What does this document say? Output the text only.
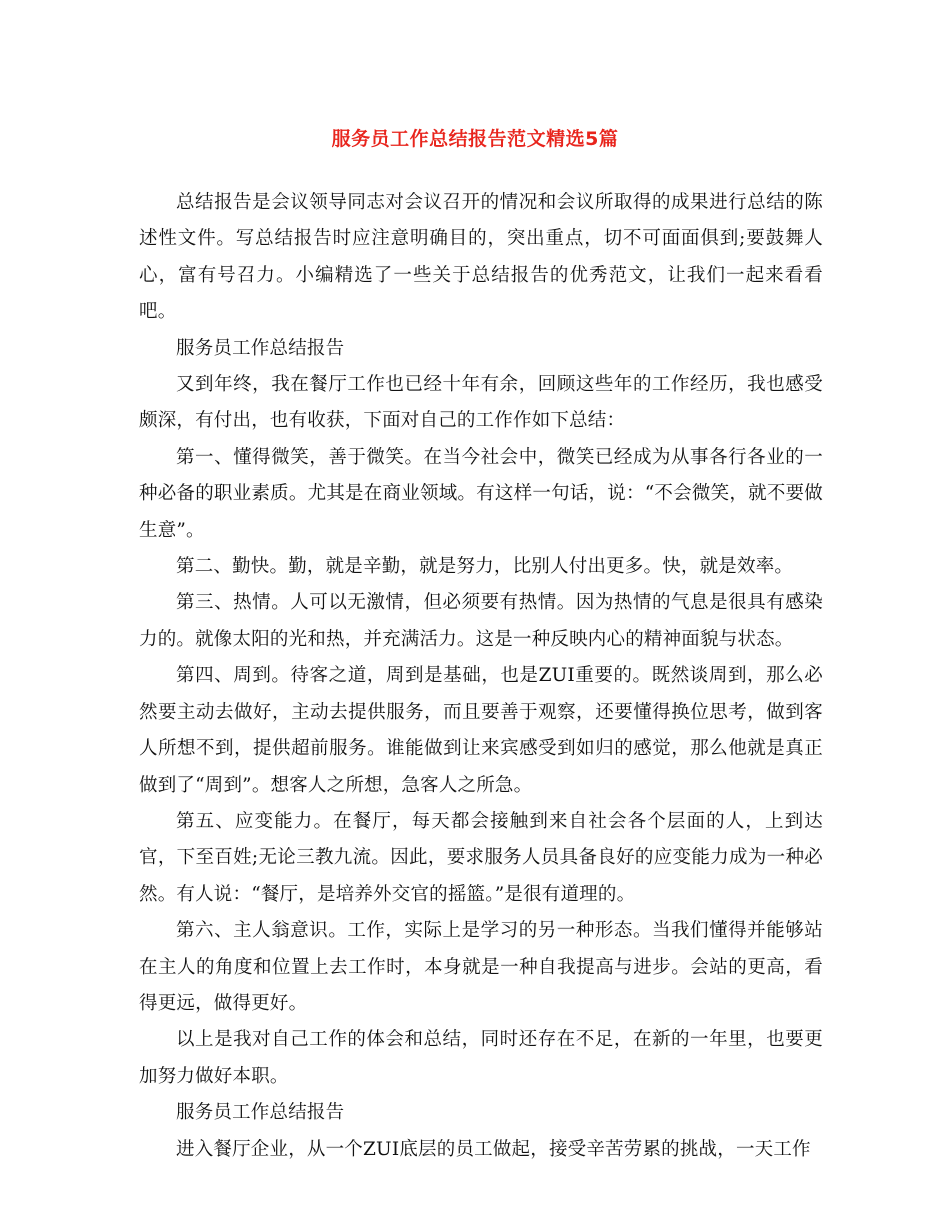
服务员工作总结报告范文精选5篇

总结报告是会议领导同志对会议召开的情况和会议所取得的成果进行总结的陈述性文件。写总结报告时应注意明确目的，突出重点，切不可面面俱到;要鼓舞人心，富有号召力。小编精选了一些关于总结报告的优秀范文，让我们一起来看看吧。

服务员工作总结报告

又到年终，我在餐厅工作也已经十年有余，回顾这些年的工作经历，我也感受颇深，有付出，也有收获，下面对自己的工作作如下总结：

第一、懂得微笑，善于微笑。在当今社会中，微笑已经成为从事各行各业的一种必备的职业素质。尤其是在商业领域。有这样一句话，说：“不会微笑，就不要做生意”。

第二、勤快。勤，就是辛勤，就是努力，比别人付出更多。快，就是效率。

第三、热情。人可以无激情，但必须要有热情。因为热情的气息是很具有感染力的。就像太阳的光和热，并充满活力。这是一种反映内心的精神面貌与状态。

第四、周到。待客之道，周到是基础，也是ZUI重要的。既然谈周到，那么必然要主动去做好，主动去提供服务，而且要善于观察，还要懂得换位思考，做到客人所想不到，提供超前服务。谁能做到让来宾感受到如归的感觉，那么他就是真正做到了“周到”。想客人之所想，急客人之所急。

第五、应变能力。在餐厅，每天都会接触到来自社会各个层面的人，上到达官，下至百姓;无论三教九流。因此，要求服务人员具备良好的应变能力成为一种必然。有人说：“餐厅，是培养外交官的摇篮。”是很有道理的。

第六、主人翁意识。工作，实际上是学习的另一种形态。当我们懂得并能够站在主人的角度和位置上去工作时，本身就是一种自我提高与进步。会站的更高，看得更远，做得更好。

以上是我对自己工作的体会和总结，同时还存在不足，在新的一年里，也要更加努力做好本职。

服务员工作总结报告

进入餐厅企业，从一个ZUI底层的员工做起，接受辛苦劳累的挑战，一天工作
